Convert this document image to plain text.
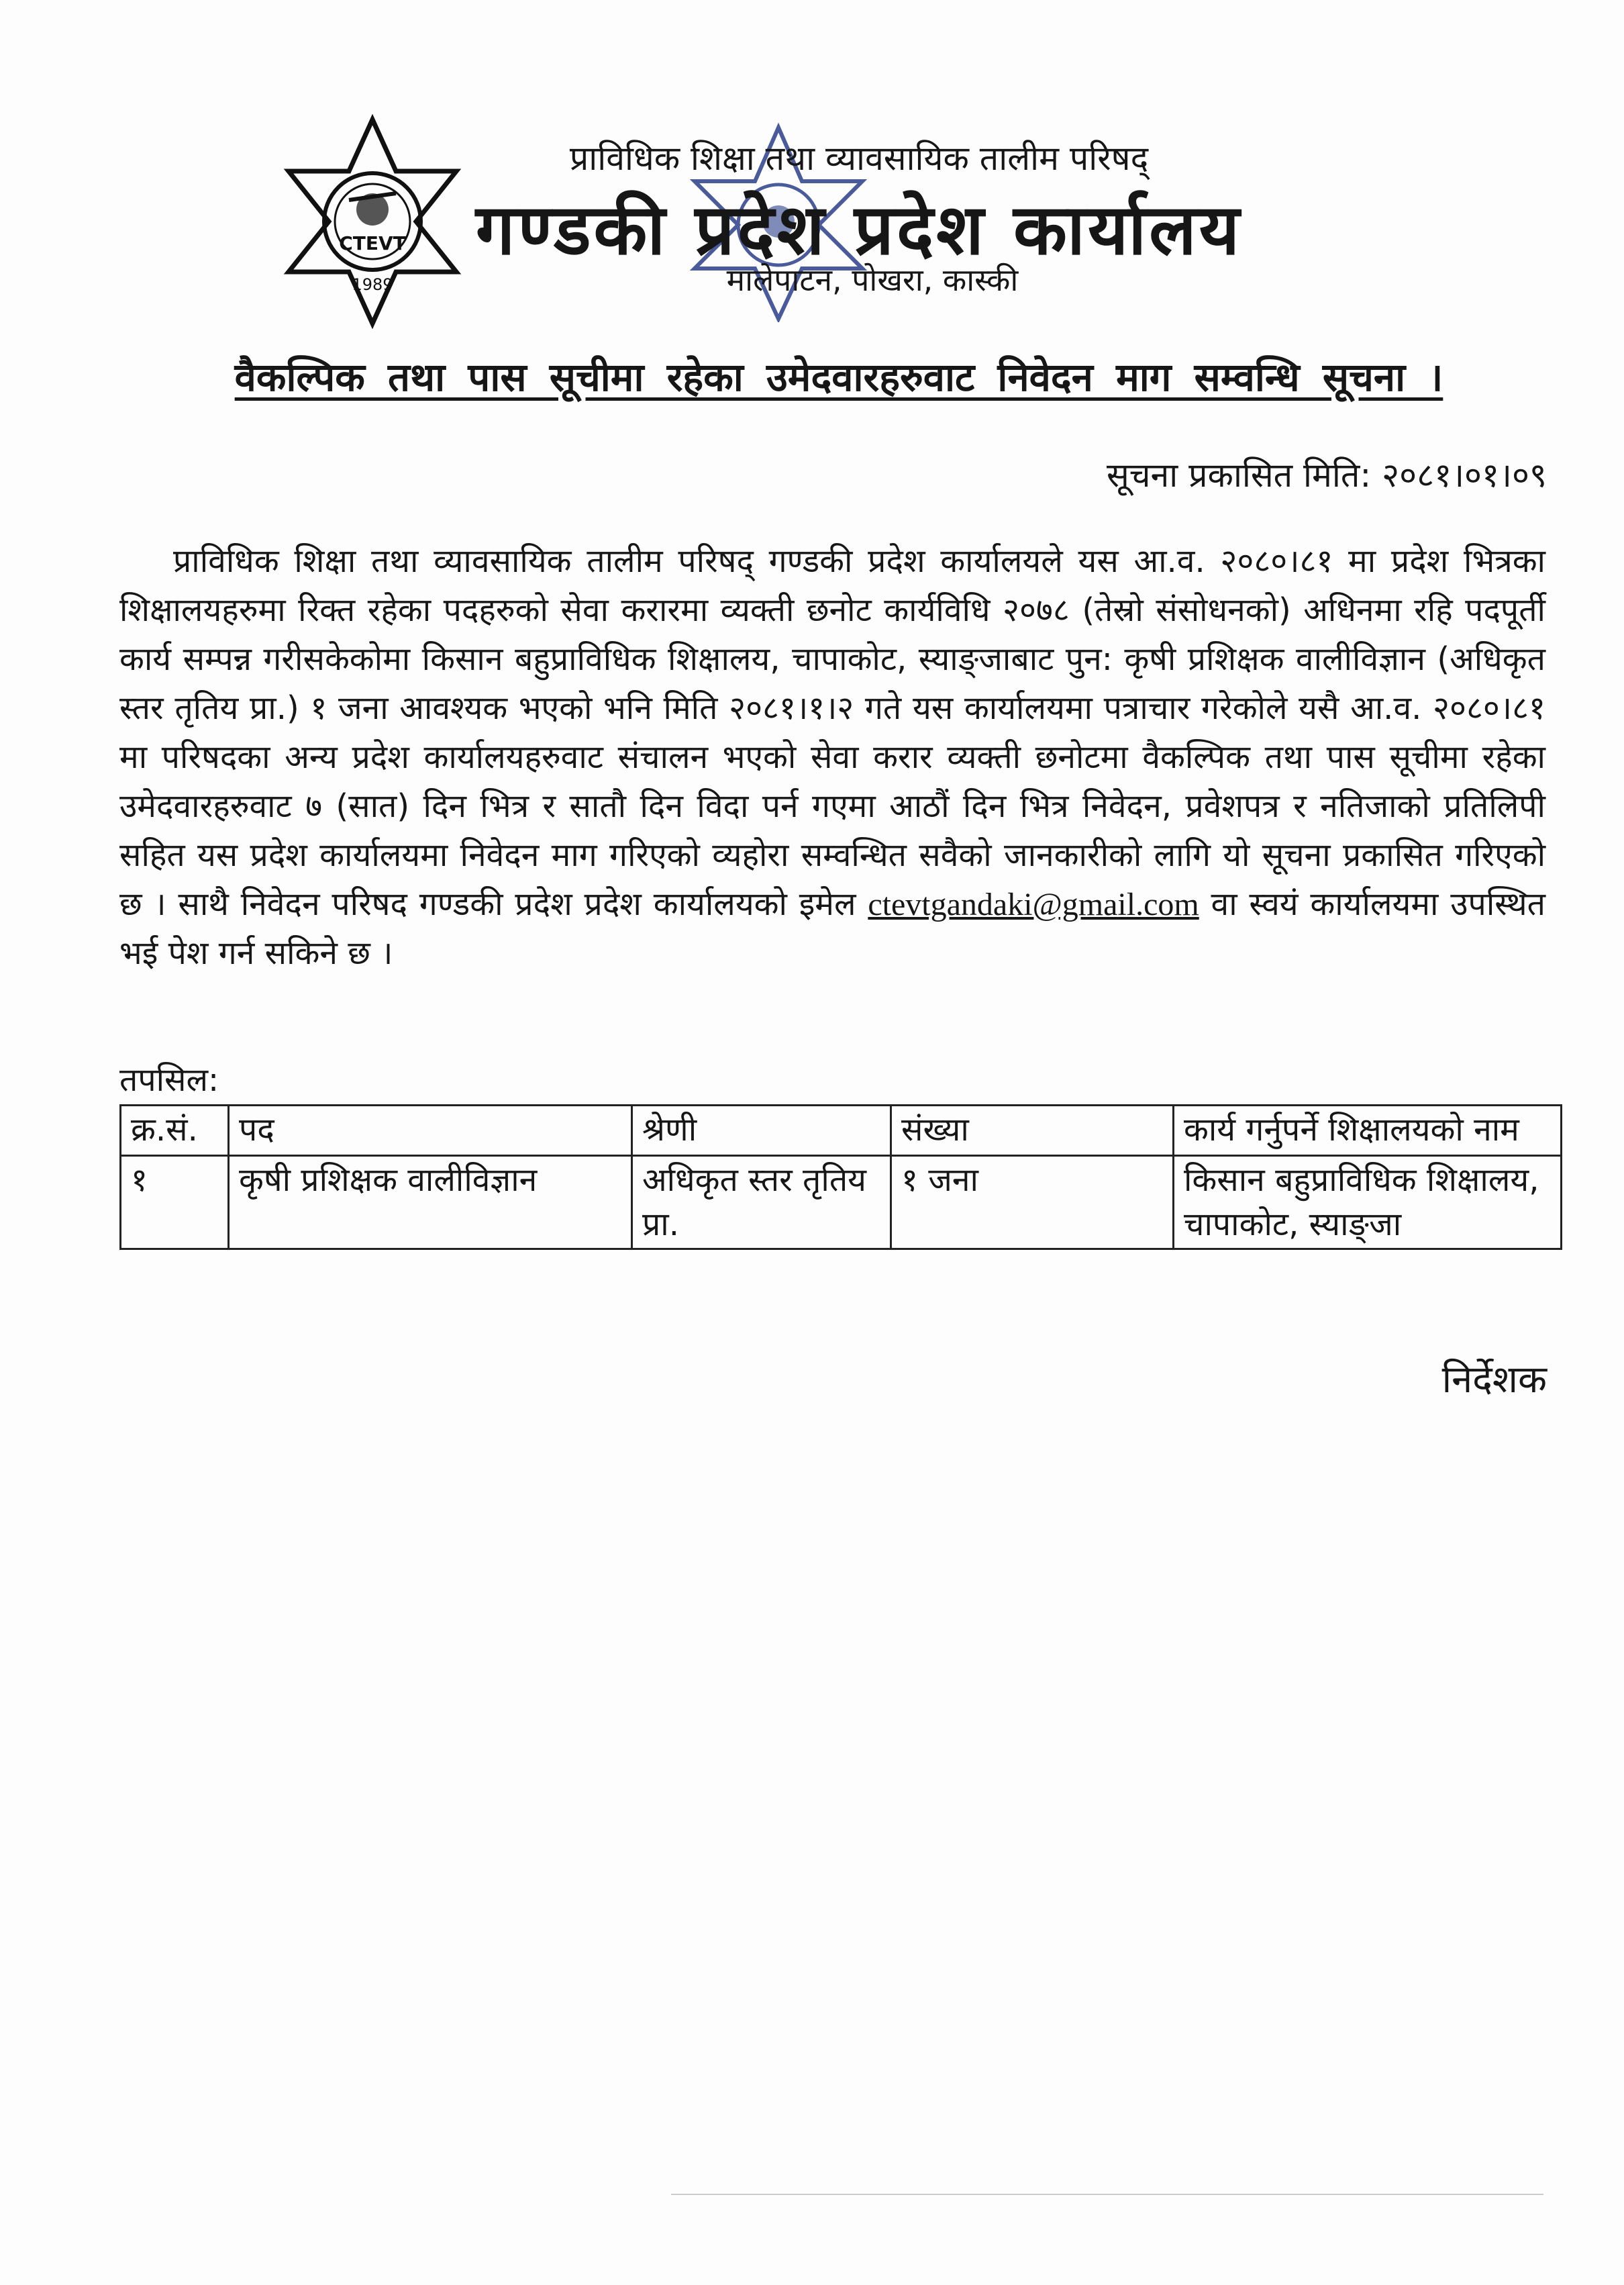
CTEVT
1989
प्राविधिक शिक्षा तथा व्यावसायिक तालीम परिषद्
गण्डकी प्रदेश प्रदेश कार्यालय
मालेपाटन, पोखरा, कास्की
वैकल्पिक तथा पास सूचीमा रहेका उमेदवारहरुवाट निवेदन माग सम्वन्धि सूचना ।
सूचना प्रकासित मिति: २०८१।०१।०९

प्राविधिक शिक्षा तथा व्यावसायिक तालीम परिषद् गण्डकी प्रदेश कार्यालयले यस आ.व. २०८०।८१ मा प्रदेश भित्रका शिक्षालयहरुमा रिक्त रहेका पदहरुको सेवा करारमा व्यक्ती छनोट कार्यविधि २०७८ (तेस्रो संसोधनको) अधिनमा रहि पदपूर्ती कार्य सम्पन्न गरीसकेकोमा किसान बहुप्राविधिक शिक्षालय, चापाकोट, स्याङ्जाबाट पुन: कृषी प्रशिक्षक वालीविज्ञान (अधिकृत स्तर तृतिय प्रा.) १ जना आवश्यक भएको भनि मिति २०८१।१।२ गते यस कार्यालयमा पत्राचार गरेकोले यसै आ.व. २०८०।८१ मा परिषदका अन्य प्रदेश कार्यालयहरुवाट संचालन भएको सेवा करार व्यक्ती छनोटमा वैकल्पिक तथा पास सूचीमा रहेका उमेदवारहरुवाट ७ (सात) दिन भित्र र सातौ दिन विदा पर्न गएमा आठौं दिन भित्र निवेदन, प्रवेशपत्र र नतिजाको प्रतिलिपी सहित यस प्रदेश कार्यालयमा निवेदन माग गरिएको व्यहोरा सम्वन्धित सवैको जानकारीको लागि यो सूचना प्रकासित गरिएको छ । साथै निवेदन परिषद गण्डकी प्रदेश प्रदेश कार्यालयको इमेल ctevtgandaki@gmail.com वा स्वयं कार्यालयमा उपस्थित भई पेश गर्न सकिने छ ।

तपसिल:
क्र.सं.	पद	श्रेणी	संख्या	कार्य गर्नुपर्ने शिक्षालयको नाम
१	कृषी प्रशिक्षक वालीविज्ञान	अधिकृत स्तर तृतिय प्रा.	१ जना	किसान बहुप्राविधिक शिक्षालय, चापाकोट, स्याङ्जा
निर्देशक
